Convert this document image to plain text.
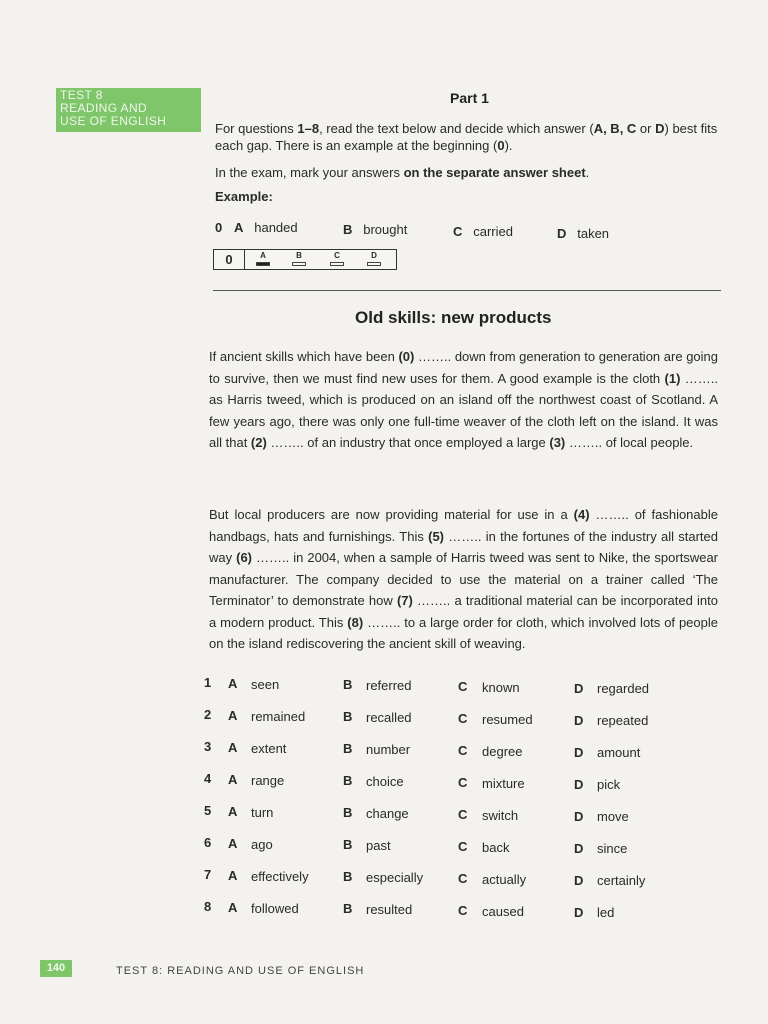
TEST 8
READING AND
USE OF ENGLISH
Part 1
For questions 1–8, read the text below and decide which answer (A, B, C or D) best fits each gap. There is an example at the beginning (0).
In the exam, mark your answers on the separate answer sheet.
Example:
0 A handed	B brought	C carried	D taken
0	A	B	C	D
Old skills: new products
If ancient skills which have been (0) …….. down from generation to generation are going to survive, then we must find new uses for them. A good example is the cloth (1) …….. as Harris tweed, which is produced on an island off the northwest coast of Scotland. A few years ago, there was only one full-time weaver of the cloth left on the island. It was all that (2) …….. of an industry that once employed a large (3) …….. of local people.
But local producers are now providing material for use in a (4) …….. of fashionable handbags, hats and furnishings. This (5) …….. in the fortunes of the industry all started way (6) …….. in 2004, when a sample of Harris tweed was sent to Nike, the sportswear manufacturer. The company decided to use the material on a trainer called ‘The Terminator’ to demonstrate how (7) …….. a traditional material can be incorporated into a modern product. This (8) …….. to a large order for cloth, which involved lots of people on the island rediscovering the ancient skill of weaving.
1 A seen	B referred	C known	D regarded
2 A remained	B recalled	C resumed	D repeated
3 A extent	B number	C degree	D amount
4 A range	B choice	C mixture	D pick
5 A turn	B change	C switch	D move
6 A ago	B past	C back	D since
7 A effectively	B especially	C actually	D certainly
8 A followed	B resulted	C caused	D led
140	TEST 8: READING AND USE OF ENGLISH
